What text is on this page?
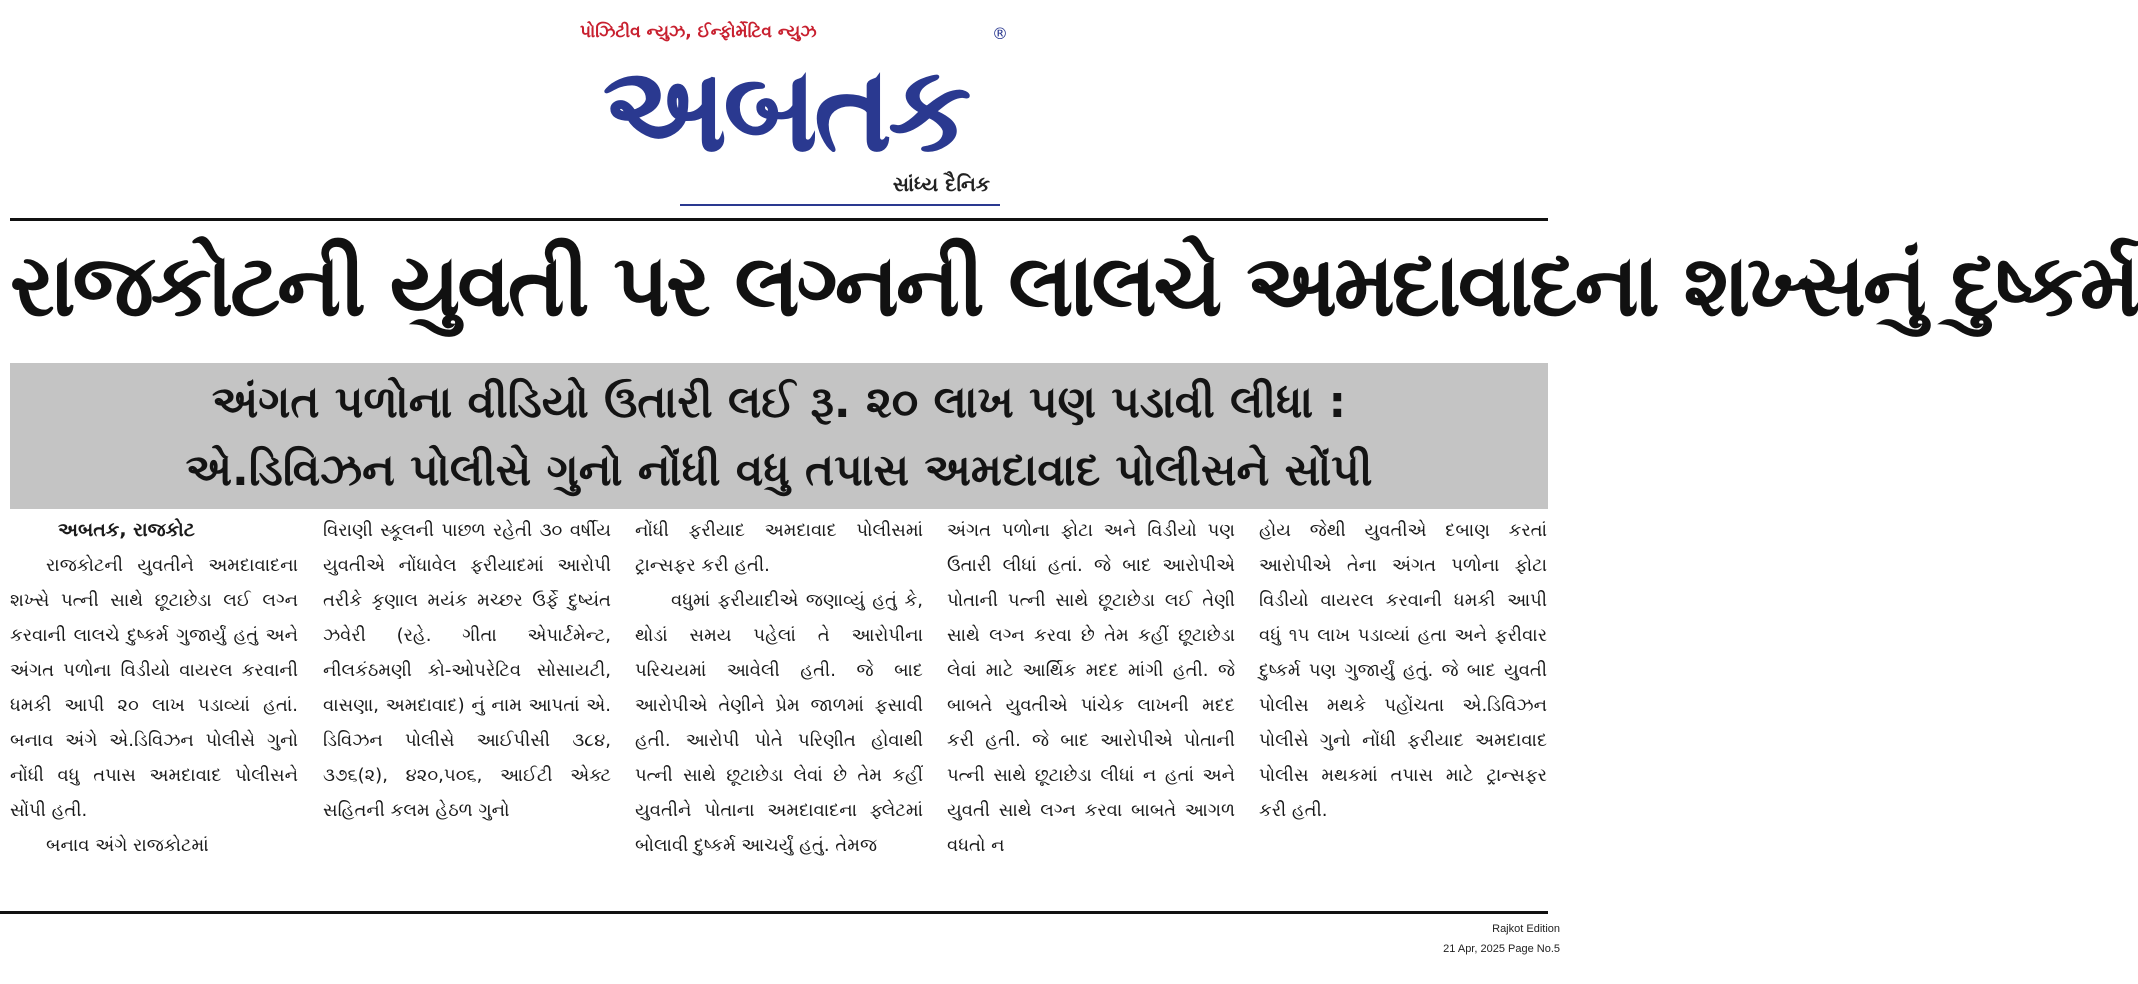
પોઝિટીવ ન્યુઝ, ઈન્ફોર્મેટિવ ન્યુઝ
અબતક
®
સાંધ્ય દૈનિક
રાજકોટની યુવતી પર લગ્નની લાલચે અમદાવાદના શખ્સનું દુષ્કર્મ
અંગત પળોના વીડિયો ઉતારી લઈ રૂ. ૨૦ લાખ પણ પડાવી લીધા :
એ.ડિવિઝન પોલીસે ગુનો નોંધી વધુ તપાસ અમદાવાદ પોલીસને સોંપી

અબતક, રાજકોટ

રાજકોટની યુવતીને અમદાવાદના શખ્સે પત્ની સાથે છૂટાછેડા લઈ લગ્ન કરવાની લાલચે દુષ્કર્મ ગુજાર્યું હતું અને અંગત પળોના વિડીયો વાયરલ કરવાની ધમકી આપી ૨૦ લાખ પડાવ્યાં હતાં. બનાવ અંગે એ.ડિવિઝન પોલીસે ગુનો નોંધી વધુ તપાસ અમદાવાદ પોલીસને સોંપી હતી.

બનાવ અંગે રાજકોટમાં

વિરાણી સ્કૂલની પાછળ રહેતી ૩૦ વર્ષીય યુવતીએ નોંધાવેલ ફરીયાદમાં આરોપી તરીકે કૃણાલ મયંક મચ્છર ઉર્ફે દુષ્યંત ઝવેરી (રહે. ગીતા એપાર્ટમેન્ટ, નીલકંઠમણી કો-ઓપરેટિવ સોસાયટી, વાસણા, અમદાવાદ) નું નામ આપતાં એ. ડિવિઝન પોલીસે આઈપીસી ૩૮૪, ૩૭૬(૨), ૪૨૦,૫૦૬, આઈટી એક્ટ સહિતની કલમ હેઠળ ગુનો

નોંધી ફરીયાદ અમદાવાદ પોલીસમાં ટ્રાન્સફર કરી હતી.

વધુમાં ફરીયાદીએ જણાવ્યું હતું કે, થોડાં સમય પહેલાં તે આરોપીના પરિચયમાં આવેલી હતી. જે બાદ આરોપીએ તેણીને પ્રેમ જાળમાં ફસાવી હતી. આરોપી પોતે પરિણીત હોવાથી પત્ની સાથે છૂટાછેડા લેવાં છે તેમ કહીં યુવતીને પોતાના અમદાવાદના ફ્લેટમાં બોલાવી દુષ્કર્મ આચર્યું હતું. તેમજ

અંગત પળોના ફોટા અને વિડીયો પણ ઉતારી લીધાં હતાં. જે બાદ આરોપીએ પોતાની પત્ની સાથે છૂટાછેડા લઈ તેણી સાથે લગ્ન કરવા છે તેમ કહીં છૂટાછેડા લેવાં માટે આર્થિક મદદ માંગી હતી. જે બાબતે યુવતીએ પાંચેક લાખની મદદ કરી હતી. જે બાદ આરોપીએ પોતાની પત્ની સાથે છૂટાછેડા લીધાં ન હતાં અને યુવતી સાથે લગ્ન કરવા બાબતે આગળ વધતો ન

હોય જેથી યુવતીએ દબાણ કરતાં આરોપીએ તેના અંગત પળોના ફોટા વિડીયો વાયરલ કરવાની ધમકી આપી વધું ૧૫ લાખ પડાવ્યાં હતા અને ફરીવાર દુષ્કર્મ પણ ગુજાર્યું હતું. જે બાદ યુવતી પોલીસ મથકે પહોંચતા એ.ડિવિઝન પોલીસે ગુનો નોંધી ફરીયાદ અમદાવાદ પોલીસ મથકમાં તપાસ માટે ટ્રાન્સફર કરી હતી.

Rajkot Edition
21 Apr, 2025 Page No.5
